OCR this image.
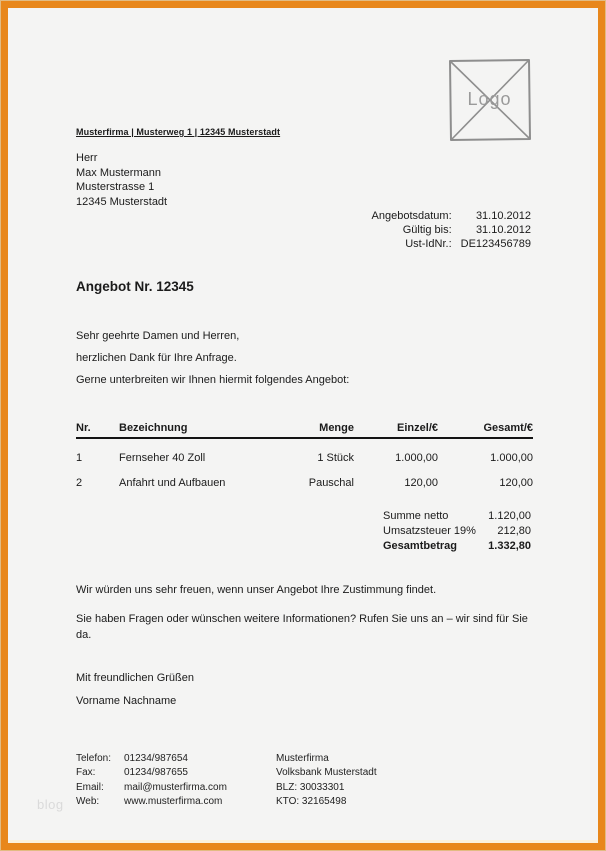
Logo
Musterfirma | Musterweg 1 | 12345 Musterstadt
Herr
Max Mustermann
Musterstrasse 1
12345 Musterstadt
Angebotsdatum:	31.10.2012
Gültig bis:	31.10.2012
Ust-IdNr.:	DE123456789
Angebot Nr. 12345
Sehr geehrte Damen und Herren,
herzlichen Dank für Ihre Anfrage.
Gerne unterbreiten wir Ihnen hiermit folgendes Angebot:
Nr.	Bezeichnung	Menge	Einzel/€	Gesamt/€
1	Fernseher 40 Zoll	1 Stück	1.000,00	1.000,00
2	Anfahrt und Aufbauen	Pauschal	120,00	120,00
Summe netto	1.120,00
Umsatzsteuer 19% 212,80
Gesamtbetrag	1.332,80

Wir würden uns sehr freuen, wenn unser Angebot Ihre Zustimmung findet.

Sie haben Fragen oder wünschen weitere Informationen? Rufen Sie uns an – wir sind für Sie da.

Mit freundlichen Grüßen
Vorname Nachname
Telefon:	01234/987654
Fax:	01234/987655
Email:	mail@musterfirma.com
Web:	www.musterfirma.com
Musterfirma
Volksbank Musterstadt
BLZ: 30033301
KTO: 32165498
blog
